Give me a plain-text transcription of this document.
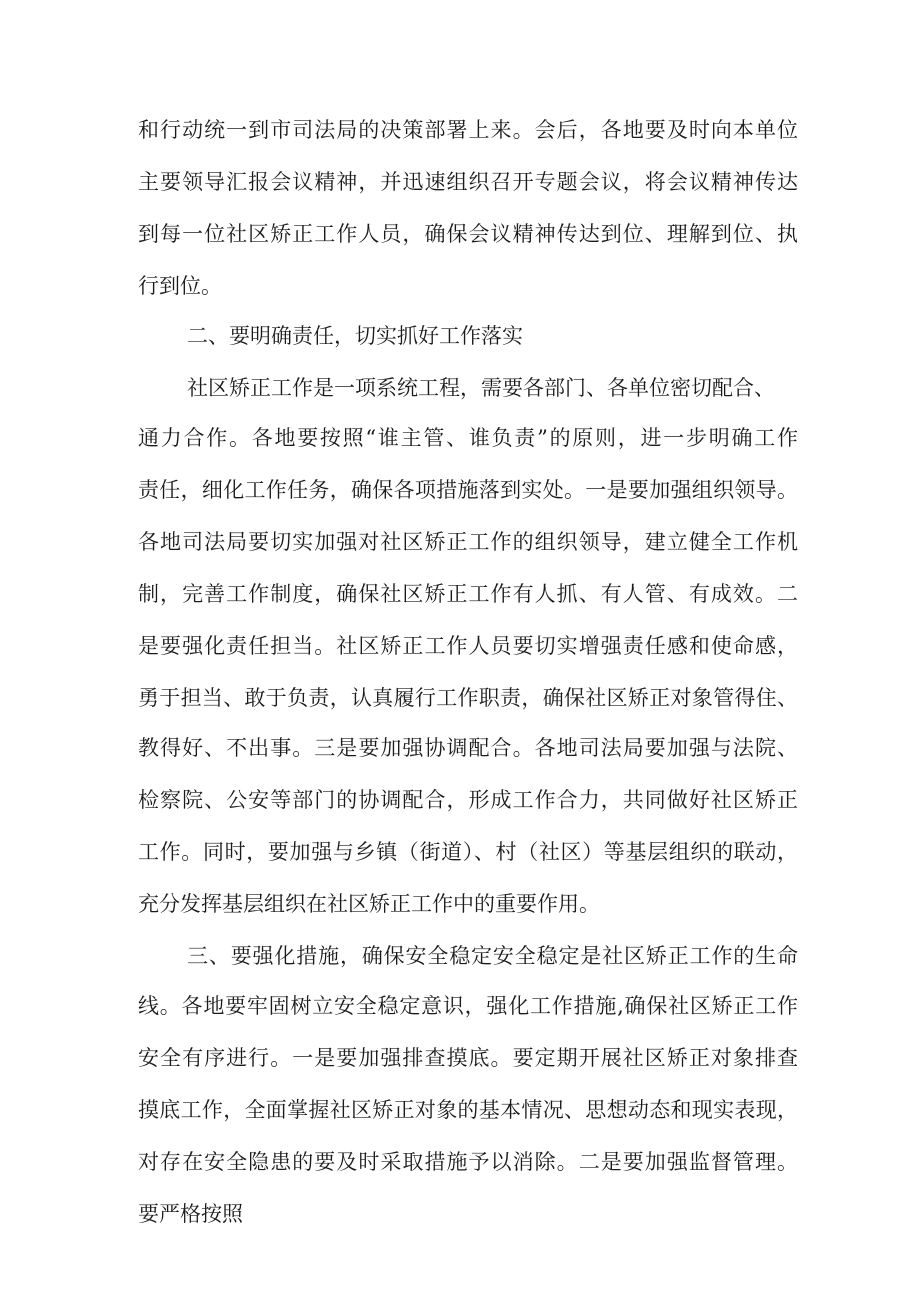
和行动统一到市司法局的决策部署上来。会后，各地要及时向本单位
主要领导汇报会议精神，并迅速组织召开专题会议，将会议精神传达
到每一位社区矫正工作人员，确保会议精神传达到位、理解到位、执
行到位。
二、要明确责任，切实抓好工作落实
社区矫正工作是一项系统工程，需要各部门、各单位密切配合、
通力合作。各地要按照“谁主管、谁负责”的原则，进一步明确工作
责任，细化工作任务，确保各项措施落到实处。一是要加强组织领导。
各地司法局要切实加强对社区矫正工作的组织领导，建立健全工作机
制，完善工作制度，确保社区矫正工作有人抓、有人管、有成效。二
是要强化责任担当。社区矫正工作人员要切实增强责任感和使命感，
勇于担当、敢于负责，认真履行工作职责，确保社区矫正对象管得住、
教得好、不出事。三是要加强协调配合。各地司法局要加强与法院、
检察院、公安等部门的协调配合，形成工作合力，共同做好社区矫正
工作。同时，要加强与乡镇（街道）、村（社区）等基层组织的联动，
充分发挥基层组织在社区矫正工作中的重要作用。
三、要强化措施，确保安全稳定安全稳定是社区矫正工作的生命
线。各地要牢固树立安全稳定意识，强化工作措施,确保社区矫正工作
安全有序进行。一是要加强排查摸底。要定期开展社区矫正对象排查
摸底工作，全面掌握社区矫正对象的基本情况、思想动态和现实表现，
对存在安全隐患的要及时采取措施予以消除。二是要加强监督管理。
要严格按照
